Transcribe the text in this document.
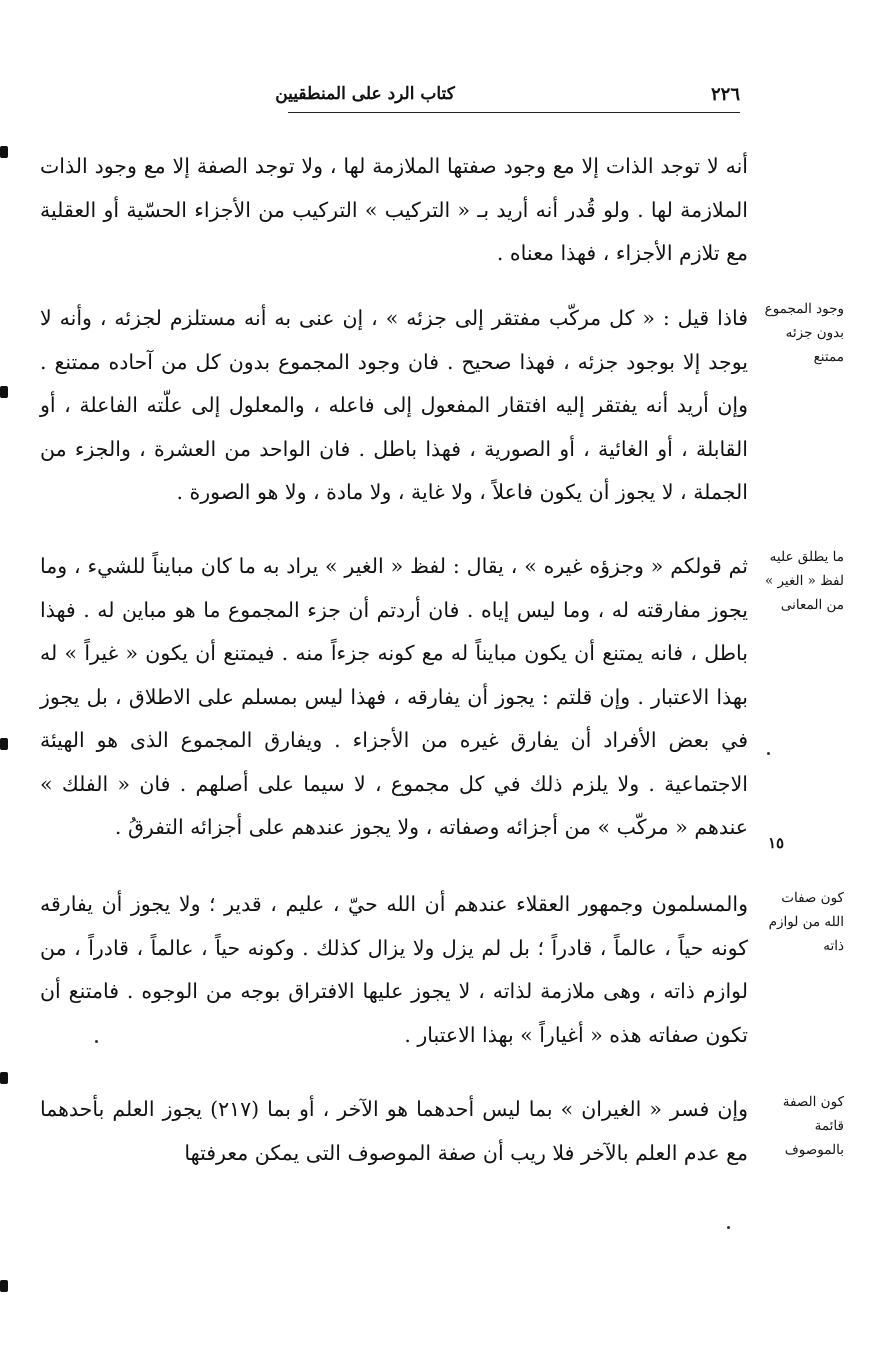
كتاب الرد على المنطقيين	٢٢٦

أنه لا توجد الذات إلا مع وجود صفتها الملازمة لها ، ولا توجد الصفة إلا مع وجود الذات الملازمة لها . ولو قُدر أنه أريد بـ « التركيب » التركيب من الأجزاء الحسّية أو العقلية مع تلازم الأجزاء ، فهذا معناه .

فاذا قيل : « كل مركّب مفتقر إلى جزئه » ، إن عنى به أنه مستلزم لجزئه ، وأنه لا يوجد إلا بوجود جزئه ، فهذا صحيح . فان وجود المجموع بدون كل من آحاده ممتنع . وإن أريد أنه يفتقر إليه افتقار المفعول إلى فاعله ، والمعلول إلى علّته الفاعلة ، أو القابلة ، أو الغائية ، أو الصورية ، فهذا باطل . فان الواحد من العشرة ، والجزء من الجملة ، لا يجوز أن يكون فاعلاً ، ولا غاية ، ولا مادة ، ولا هو الصورة .

ثم قولكم « وجزؤه غيره » ، يقال : لفظ « الغير » يراد به ما كان مبايناً للشيء ، وما يجوز مفارقته له ، وما ليس إياه . فان أردتم أن جزء المجموع ما هو مباين له . فهذا باطل ، فانه يمتنع أن يكون مبايناً له مع كونه جزءاً منه . فيمتنع أن يكون « غيراً » له بهذا الاعتبار . وإن قلتم : يجوز أن يفارقه ، فهذا ليس بمسلم على الاطلاق ، بل يجوز في بعض الأفراد أن يفارق غيره من الأجزاء . ويفارق المجموع الذى هو الهيئة الاجتماعية . ولا يلزم ذلك في كل مجموع ، لا سيما على أصلهم . فان « الفلك » عندهم « مركّب » من أجزائه وصفاته ، ولا يجوز عندهم على أجزائه التفرقُ .

والمسلمون وجمهور العقلاء عندهم أن الله حيّ ، عليم ، قدير ؛ ولا يجوز أن يفارقه كونه حياً ، عالماً ، قادراً ؛ بل لم يزل ولا يزال كذلك . وكونه حياً ، عالماً ، قادراً ، من لوازم ذاته ، وهى ملازمة لذاته ، لا يجوز عليها الافتراق بوجه من الوجوه . فامتنع أن تكون صفاته هذه « أغياراً » بهذا الاعتبار .

وإن فسر « الغيران » بما ليس أحدهما هو الآخر ، أو بما (٢١٧) يجوز العلم بأحدهما مع عدم العلم بالآخر فلا ريب أن صفة الموصوف التى يمكن معرفتها

وجود المجموع بدون جزئه ممتنع

ما يطلق عليه لفظ « الغير » من المعانى

كون صفات الله من لوازم ذاته

كون الصفة قائمة بالموصوف

١٥
